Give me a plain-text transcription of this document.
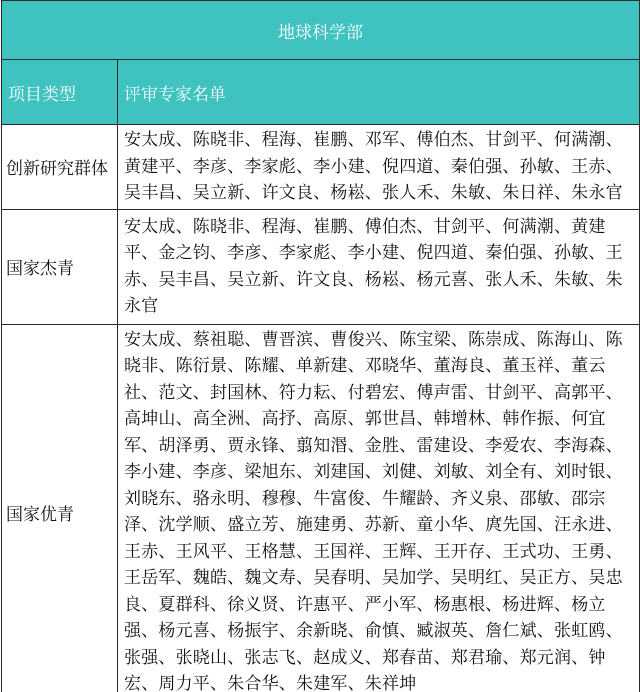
地球科学部	
项目类型	评审专家名单
创新研究群体	安太成、陈晓非、程海、崔鹏、邓军、傅伯杰、甘剑平、何满潮、黄建平、李彦、李家彪、李小建、倪四道、秦伯强、孙敏、王赤、吴丰昌、吴立新、许文良、杨崧、张人禾、朱敏、朱日祥、朱永官
国家杰青	安太成、陈晓非、程海、崔鹏、傅伯杰、甘剑平、何满潮、黄建平、金之钧、李彦、李家彪、李小建、倪四道、秦伯强、孙敏、王赤、吴丰昌、吴立新、许文良、杨崧、杨元喜、张人禾、朱敏、朱永官
国家优青	安太成、蔡祖聪、曹晋滨、曹俊兴、陈宝梁、陈崇成、陈海山、陈晓非、陈衍景、陈耀、单新建、邓晓华、董海良、董玉祥、董云社、范文、封国林、符力耘、付碧宏、傅声雷、甘剑平、高郭平、高坤山、高全洲、高抒、高原、郭世昌、韩增林、韩作振、何宜军、胡泽勇、贾永锋、翦知湣、金胜、雷建设、李爱农、李海森、李小建、李彦、梁旭东、刘建国、刘健、刘敏、刘全有、刘时银、刘晓东、骆永明、穆穆、牛富俊、牛耀龄、齐义泉、邵敏、邵宗泽、沈学顺、盛立芳、施建勇、苏新、童小华、庹先国、汪永进、王赤、王风平、王格慧、王国祥、王辉、王开存、王式功、王勇、王岳军、魏皓、魏文寿、吴春明、吴加学、吴明红、吴正方、吴忠良、夏群科、徐义贤、许惠平、严小军、杨惠根、杨进辉、杨立强、杨元喜、杨振宇、余新晓、俞慎、臧淑英、詹仁斌、张虹鸥、张强、张晓山、张志飞、赵成义、郑春苗、郑君瑜、郑元润、钟宏、周力平、朱合华、朱建军、朱祥坤
